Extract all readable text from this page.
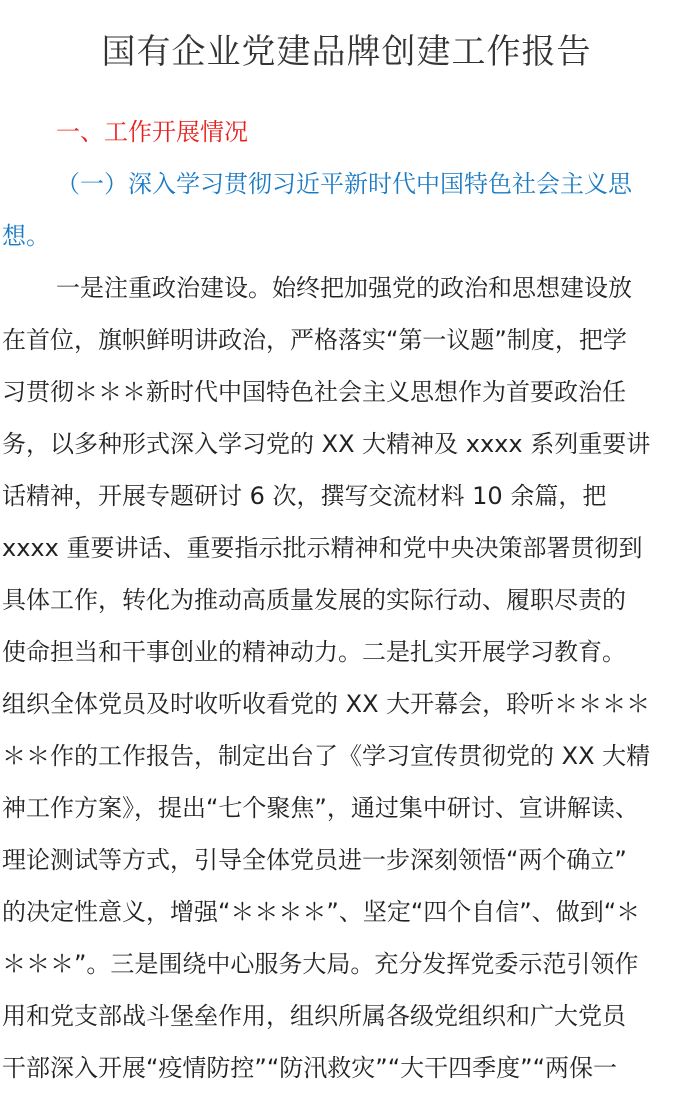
国有企业党建品牌创建工作报告
一、工作开展情况
（一）深入学习贯彻习近平新时代中国特色社会主义思
想。
一是注重政治建设。始终把加强党的政治和思想建设放
在首位，旗帜鲜明讲政治，严格落实“第一议题”制度，把学
习贯彻＊＊＊新时代中国特色社会主义思想作为首要政治任
务，以多种形式深入学习党的 XX 大精神及 xxxx 系列重要讲
话精神，开展专题研讨 6 次，撰写交流材料 10 余篇，把
xxxx 重要讲话、重要指示批示精神和党中央决策部署贯彻到
具体工作，转化为推动高质量发展的实际行动、履职尽责的
使命担当和干事创业的精神动力。二是扎实开展学习教育。
组织全体党员及时收听收看党的 XX 大开幕会，聆听＊＊＊＊
＊＊作的工作报告，制定出台了《学习宣传贯彻党的 XX 大精
神工作方案》，提出“七个聚焦”，通过集中研讨、宣讲解读、
理论测试等方式，引导全体党员进一步深刻领悟“两个确立”
的决定性意义，增强“＊＊＊＊”、坚定“四个自信”、做到“＊
＊＊＊”。三是围绕中心服务大局。充分发挥党委示范引领作
用和党支部战斗堡垒作用，组织所属各级党组织和广大党员
干部深入开展“疫情防控”“防汛救灾”“大干四季度”“两保一
